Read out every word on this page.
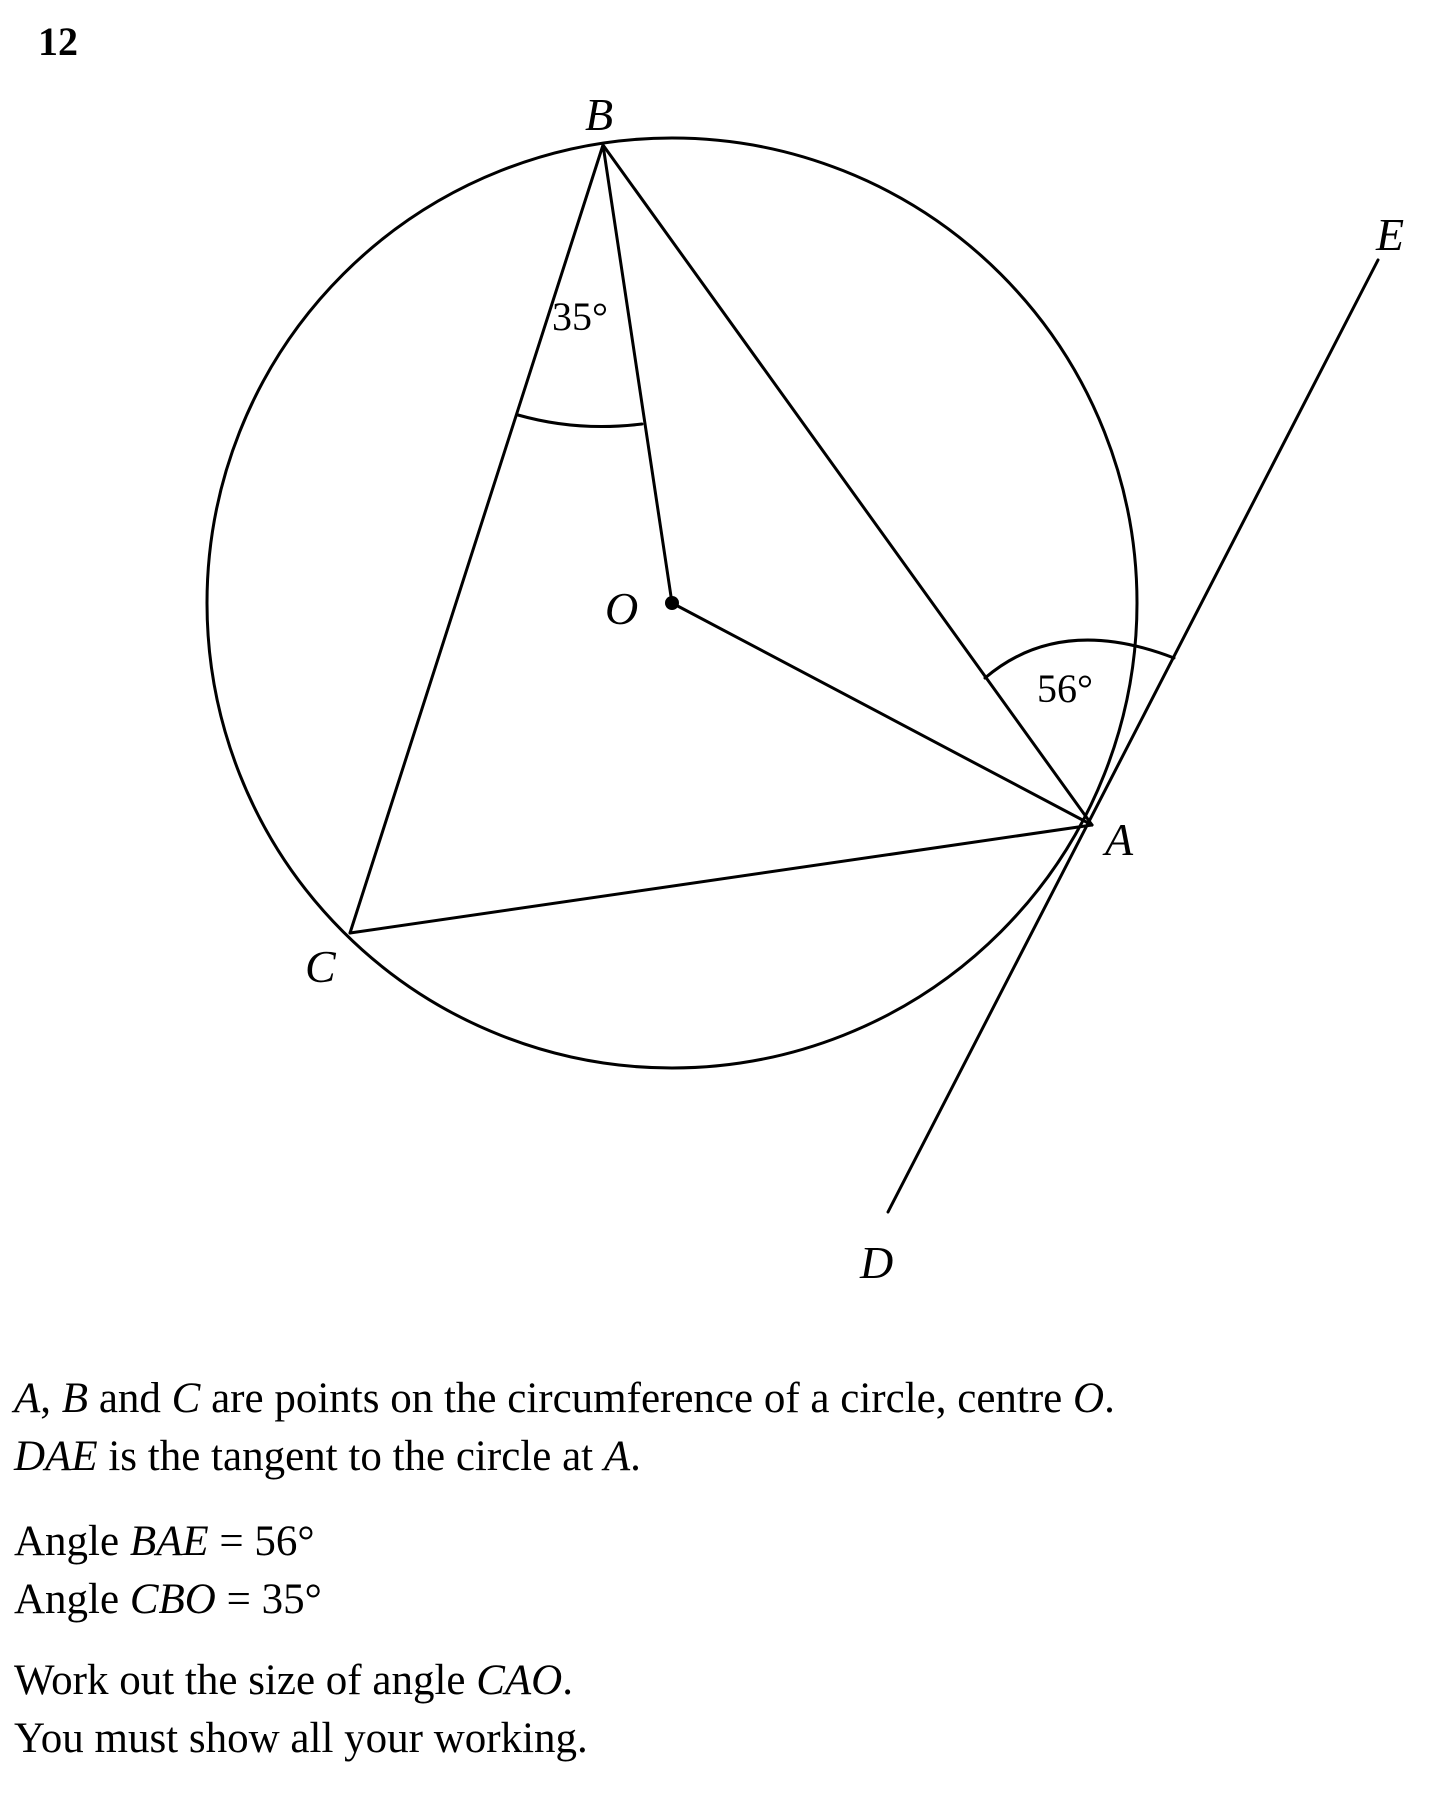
12
B
E
O
A
C
D
35°
56°
A, B and C are points on the circumference of a circle, centre O.
DAE is the tangent to the circle at A.
Angle BAE = 56°
Angle CBO = 35°
Work out the size of angle CAO.
You must show all your working.
